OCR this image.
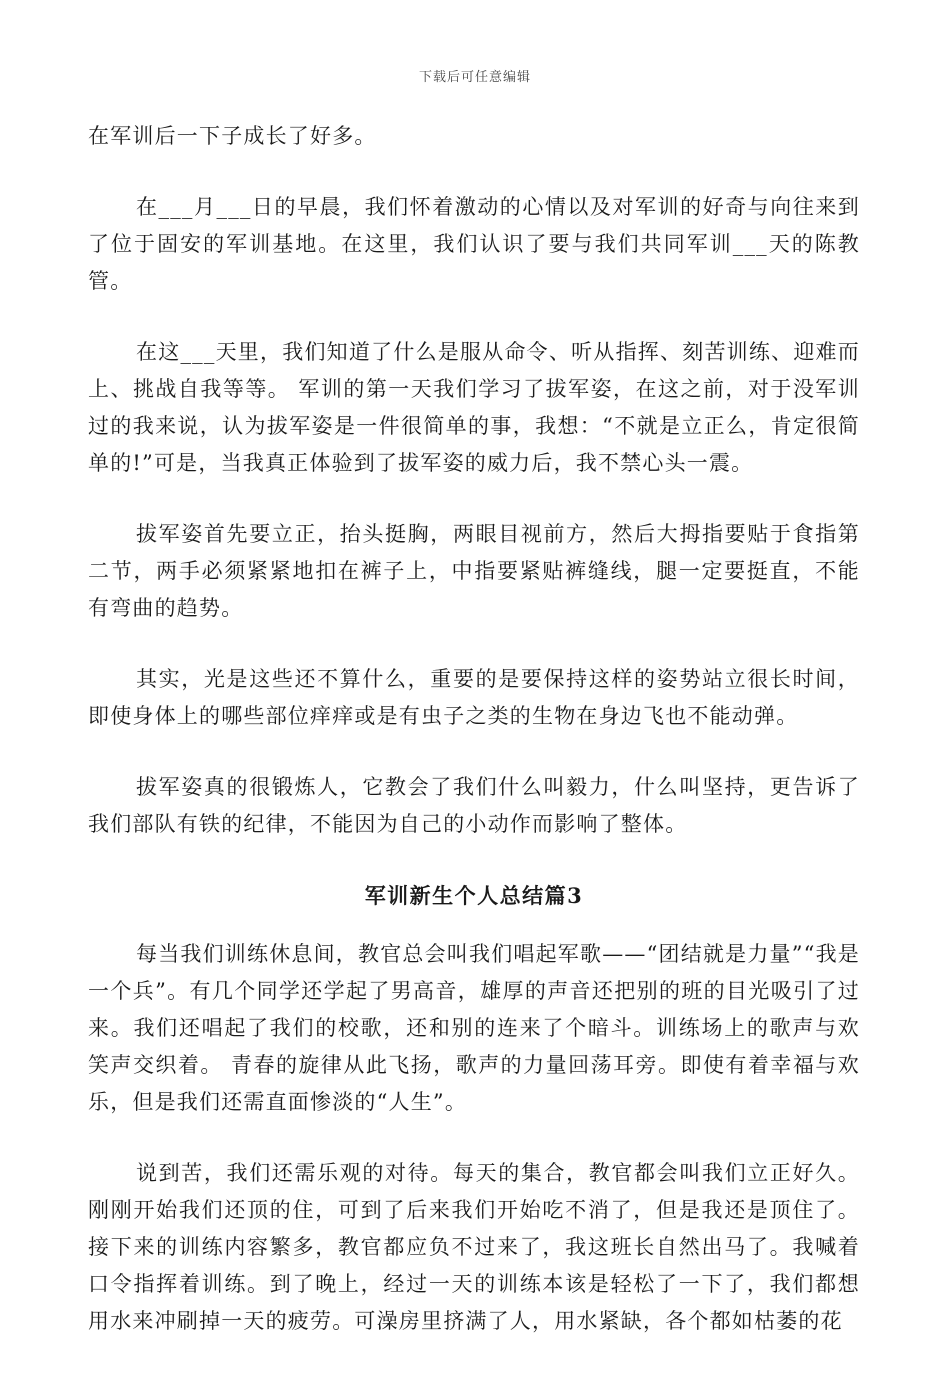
下载后可任意编辑

在军训后一下子成长了好多。

在___月___日的早晨，我们怀着激动的心情以及对军训的好奇与向往来到了位于固安的军训基地。在这里，我们认识了要与我们共同军训___天的陈教管。

在这___天里，我们知道了什么是服从命令、听从指挥、刻苦训练、迎难而上、挑战自我等等。 军训的第一天我们学习了拔军姿，在这之前，对于没军训过的我来说，认为拔军姿是一件很简单的事，我想：“不就是立正么，肯定很简单的!”可是，当我真正体验到了拔军姿的威力后，我不禁心头一震。

拔军姿首先要立正，抬头挺胸，两眼目视前方，然后大拇指要贴于食指第二节，两手必须紧紧地扣在裤子上，中指要紧贴裤缝线，腿一定要挺直，不能有弯曲的趋势。

其实，光是这些还不算什么，重要的是要保持这样的姿势站立很长时间，即使身体上的哪些部位痒痒或是有虫子之类的生物在身边飞也不能动弹。

拔军姿真的很锻炼人，它教会了我们什么叫毅力，什么叫坚持，更告诉了我们部队有铁的纪律，不能因为自己的小动作而影响了整体。

军训新生个人总结篇3

每当我们训练休息间，教官总会叫我们唱起军歌——“团结就是力量”“我是一个兵”。有几个同学还学起了男高音，雄厚的声音还把别的班的目光吸引了过来。我们还唱起了我们的校歌，还和别的连来了个暗斗。训练场上的歌声与欢笑声交织着。 青春的旋律从此飞扬，歌声的力量回荡耳旁。即使有着幸福与欢乐，但是我们还需直面惨淡的“人生”。

说到苦，我们还需乐观的对待。每天的集合，教官都会叫我们立正好久。刚刚开始我们还顶的住，可到了后来我们开始吃不消了，但是我还是顶住了。接下来的训练内容繁多，教官都应负不过来了，我这班长自然出马了。我喊着口令指挥着训练。到了晚上，经过一天的训练本该是轻松了一下了，我们都想用水来冲刷掉一天的疲劳。可澡房里挤满了人，用水紧缺，各个都如枯萎的花
